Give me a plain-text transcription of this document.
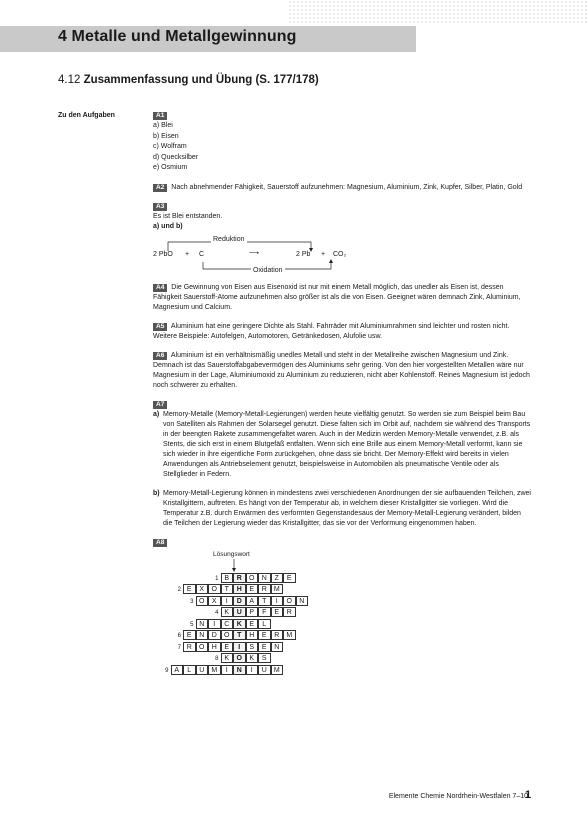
4 Metalle und Metallgewinnung
4.12 Zusammenfassung und Übung (S. 177/178)
Zu den Aufgaben	A1
a) Blei
b) Eisen
c) Wolfram
d) Quecksilber
e) Osmium
A2 Nach abnehmender Fähigkeit, Sauerstoff aufzunehmen: Magnesium, Aluminium, Zink, Kupfer, Silber, Platin, Gold
A3
Es ist Blei entstanden.
a) und b)
Reduktion
2 PbO + C	⟶	2 Pb + CO₂
Oxidation
A4 Die Gewinnung von Eisen aus Eisenoxid ist nur mit einem Metall möglich, das unedler als Eisen ist, dessen Fähigkeit Sauerstoff-Atome aufzunehmen also größer ist als die von Eisen. Geeignet wären demnach Zink, Aluminium, Magnesium und Calcium.
A5 Aluminium hat eine geringere Dichte als Stahl. Fahrräder mit Aluminiumrahmen sind leichter und rosten nicht. Weitere Beispiele: Autofelgen, Automotoren, Getränkedosen, Alufolie usw.
A6 Aluminium ist ein verhältnismäßig unedles Metall und steht in der Metallreihe zwischen Magnesium und Zink. Demnach ist das Sauerstoffabgabevermögen des Aluminiums sehr gering. Von den hier vorgestellten Metallen wäre nur Magnesium in der Lage, Aluminiumoxid zu Aluminium zu reduzieren, nicht aber Kohlenstoff. Reines Magnesium ist jedoch noch schwerer zu erhalten.
A7
a) Memory-Metalle (Memory-Metall-Legierungen) werden heute vielfältig genutzt. So werden sie zum Beispiel beim Bau von Satelliten als Rahmen der Solarsegel genutzt. Diese falten sich im Orbit auf, nachdem sie während des Transports in der beengten Rakete zusammengefaltet waren. Auch in der Medizin werden Memory-Metalle verwendet, z.B. als Stents, die sich erst in einem Blutgefäß entfalten. Wenn sich eine Brille aus einem Memory-Metall verformt, kann sie sich wieder in ihre eigentliche Form zurückgehen, ohne dass sie bricht. Der Memory-Effekt wird bereits in vielen Anwendungen als Antriebselement genutzt, beispielsweise in Automobilen als pneumatische Ventile oder als Stellglieder in Federn.
b) Memory-Metall-Legierung können in mindestens zwei verschiedenen Anordnungen der sie aufbauenden Teilchen, zwei Kristallgittern, auftreten. Es hängt von der Temperatur ab, in welchem dieser Kristallgitter sie vorliegen. Wird die Temperatur z.B. durch Erwärmen des verformten Gegenstandesaus der Memory-Metall-Legierung verändert, bilden die Teilchen der Legierung wieder das Kristallgitter, das sie vor der Verformung eingenommen haben.
A8
Lösungswort
1 B	R	O	N	Z	E
2 E	X	O	T	H	E	R	M
3 O	X	I	D	A	T	I	O	N
4 K	U	P	F	E	R
5 N	I	C	K	E	L
6 E	N	D	O	T	H	E	R	M
7 R	O	H	E	I	S	E	N
8 K	O	K	S
9 A	L	U	M	I	N	I	U	M
Elemente Chemie Nordrhein-Westfalen 7–10
1
